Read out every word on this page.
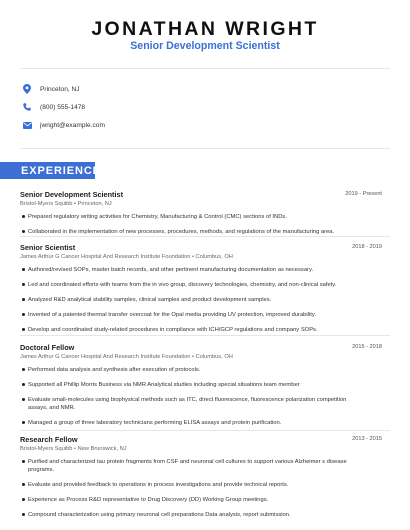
JONATHAN WRIGHT
Senior Development Scientist
Princeton, NJ
(800) 555-1478
jwright@example.com
EXPERIENCE
Senior Development Scientist	2019 - Present
Bristol-Myers Squibb • Princeton, NJ
Prepared regulatory writing activities for Chemistry, Manufacturing & Control (CMC) sections of INDs.
Collaborated in the implementation of new processes, procedures, methods, and regulations of the manufacturing area.
Senior Scientist	2018 - 2019
James Arthur G Cancer Hospital And Research Institute Foundation • Columbus, OH
Authored/revised SOPs, master batch records, and other pertinent manufacturing documentation as necessary.
Led and coordinated efforts with teams from the in vivo group, discovery technologies, chemistry, and non-clinical safety.
Analyzed R&D analytical stability samples, clinical samples and product development samples.
Invented of a patented thermal transfer overcoat for the Opal media providing UV protection, improved durability.
Develop and coordinated study-related procedures in compliance with ICH/GCP regulations and company SOPs.
Doctoral Fellow	2015 - 2018
James Arthur G Cancer Hospital And Research Institute Foundation • Columbus, OH
Performed data analysis and synthesis after execution of protocols.
Supported all Phillip Morris Business via NMR Analytical studies including special situations team member
Evaluate small-molecules using biophysical methods such as ITC, direct fluorescence, fluorescence polarization competition assays, and NMR.
Managed a group of three laboratory technicians performing ELISA assays and protein purification.
Research Fellow	2013 - 2015
Bristol-Myers Squibb • New Brunswick, NJ
Purified and characterized tau protein fragments from CSF and neuronal cell cultures to support various Alzheimer s disease programs.
Evaluate and provided feedback to operations in process investigations and provide technical reports.
Experience as Process R&D representative to Drug Discovery (DD) Working Group meetings.
Compound characterization using primary neuronal cell preparations Data analysis, report submission.
